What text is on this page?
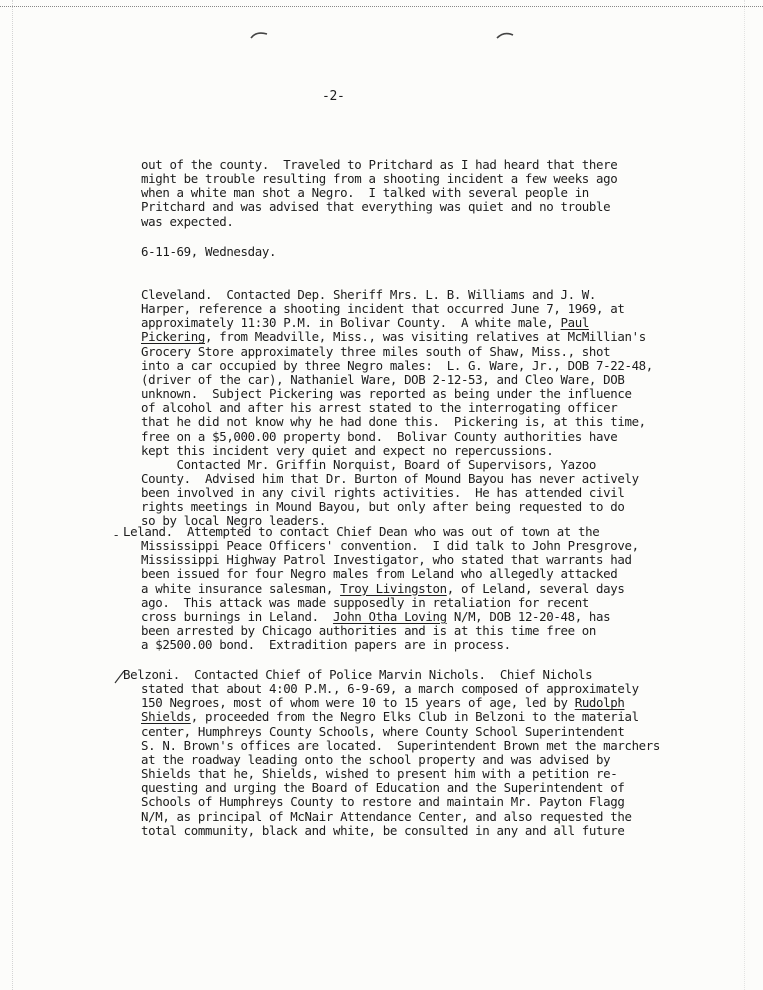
-2-
out of the county.  Traveled to Pritchard as I had heard that there
might be trouble resulting from a shooting incident a few weeks ago
when a white man shot a Negro.  I talked with several people in
Pritchard and was advised that everything was quiet and no trouble
was expected.
6-11-69, Wednesday.
Cleveland.  Contacted Dep. Sheriff Mrs. L. B. Williams and J. W.
Harper, reference a shooting incident that occurred June 7, 1969, at
approximately 11:30 P.M. in Bolivar County.  A white male, Paul
Pickering, from Meadville, Miss., was visiting relatives at McMillian's
Grocery Store approximately three miles south of Shaw, Miss., shot
into a car occupied by three Negro males:  L. G. Ware, Jr., DOB 7-22-48,
(driver of the car), Nathaniel Ware, DOB 2-12-53, and Cleo Ware, DOB
unknown.  Subject Pickering was reported as being under the influence
of alcohol and after his arrest stated to the interrogating officer
that he did not know why he had done this.  Pickering is, at this time,
free on a $5,000.00 property bond.  Bolivar County authorities have
kept this incident very quiet and expect no repercussions.
Contacted Mr. Griffin Norquist, Board of Supervisors, Yazoo
County.  Advised him that Dr. Burton of Mound Bayou has never actively
been involved in any civil rights activities.  He has attended civil
rights meetings in Mound Bayou, but only after being requested to do
so by local Negro leaders.
Leland.  Attempted to contact Chief Dean who was out of town at the
Mississippi Peace Officers' convention.  I did talk to John Presgrove,
Mississippi Highway Patrol Investigator, who stated that warrants had
been issued for four Negro males from Leland who allegedly attacked
a white insurance salesman, Troy Livingston, of Leland, several days
ago.  This attack was made supposedly in retaliation for recent
cross burnings in Leland.  John Otha Loving N/M, DOB 12-20-48, has
been arrested by Chicago authorities and is at this time free on
a $2500.00 bond.  Extradition papers are in process.
Belzoni.  Contacted Chief of Police Marvin Nichols.  Chief Nichols
stated that about 4:00 P.M., 6-9-69, a march composed of approximately
150 Negroes, most of whom were 10 to 15 years of age, led by Rudolph
Shields, proceeded from the Negro Elks Club in Belzoni to the material
center, Humphreys County Schools, where County School Superintendent
S. N. Brown's offices are located.  Superintendent Brown met the marchers
at the roadway leading onto the school property and was advised by
Shields that he, Shields, wished to present him with a petition re-
questing and urging the Board of Education and the Superintendent of
Schools of Humphreys County to restore and maintain Mr. Payton Flagg
N/M, as principal of McNair Attendance Center, and also requested the
total community, black and white, be consulted in any and all future
-
